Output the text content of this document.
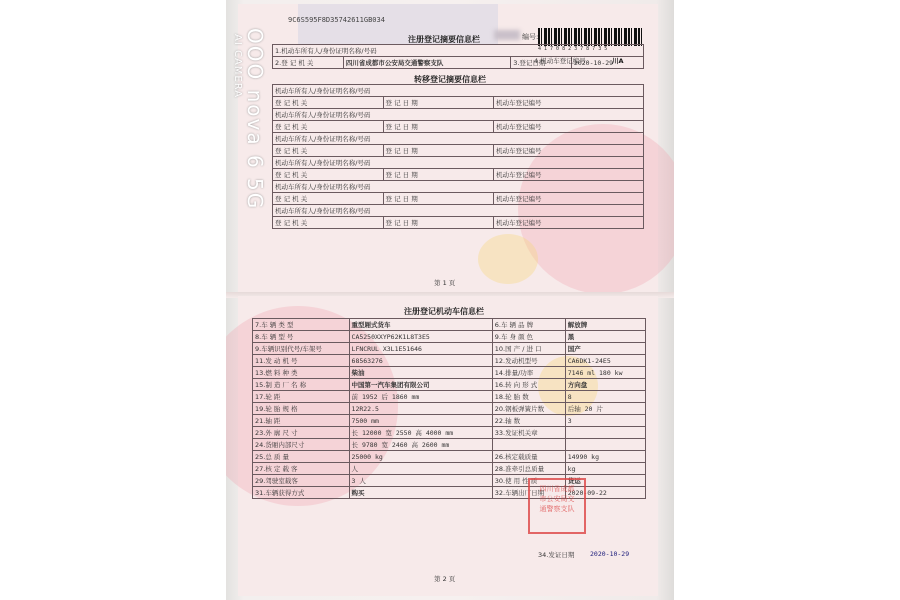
9C6S595F8D35742611GB034
编号:
4 1 7 0 8 2 3 7 8 7 3 5
注册登记摘要信息栏
1.机动车所有人/身份证明名称/号码
2.登 记 机 关	四川省成都市公安局交通警察支队	3.登记日期	2020-10-29
4.机动车登记编号	川A
转移登记摘要信息栏
机动车所有人/身份证明名称/号码		
登 记 机 关	登 记 日 期	机动车登记编号
机动车所有人/身份证明名称/号码		
登 记 机 关	登 记 日 期	机动车登记编号
机动车所有人/身份证明名称/号码		
登 记 机 关	登 记 日 期	机动车登记编号
机动车所有人/身份证明名称/号码		
登 记 机 关	登 记 日 期	机动车登记编号
机动车所有人/身份证明名称/号码		
登 记 机 关	登 记 日 期	机动车登记编号
机动车所有人/身份证明名称/号码		
登 记 机 关	登 记 日 期	机动车登记编号
第 1 页
注册登记机动车信息栏
7.车 辆 类 型	重型厢式货车	6.车 辆 品 牌	解放牌
8.车 辆 型 号	CA5250XXYP62K1L8T3E5	9.车 身 颜 色	黑
9.车辆识别代号/车架号	LFNCRUL X3L1E51646	10.国 产 / 进 口	国产
11.发 动 机 号	68563276	12.发动机型号	CA6DK1-24E5
13.燃 料 种 类	柴油	14.排量/功率	7146 ml 180 kw
15.制 造 厂 名 称	中国第一汽车集团有限公司	16.转 向 形 式	方向盘
17.轮 距	前 1952 后 1860 mm	18.轮 胎 数	8
19.轮 胎 规 格	12R22.5	20.钢板弹簧片数	后轴 20 片
21.轴 距	7500 mm	22.轴 数	3
23.外 廓 尺 寸	长 12000 宽 2550 高 4000 mm	33.发证机关章	
24.货厢内部尺寸	长 9780 宽 2460 高 2600 mm		
25.总 质 量	25000 kg	26.核定载质量	14990 kg
27.核 定 载 客	人	28.准牵引总质量	kg
29.驾驶室载客	3 人	30.使 用 性 质	货运
31.车辆获得方式	购买	32.车辆出厂日期	2020-09-22
34.发证日期 2020-10-29
第 2 页
四川省成都
市公安局交
通警察支队
OOO nova 6 5G
AI CAMERA
